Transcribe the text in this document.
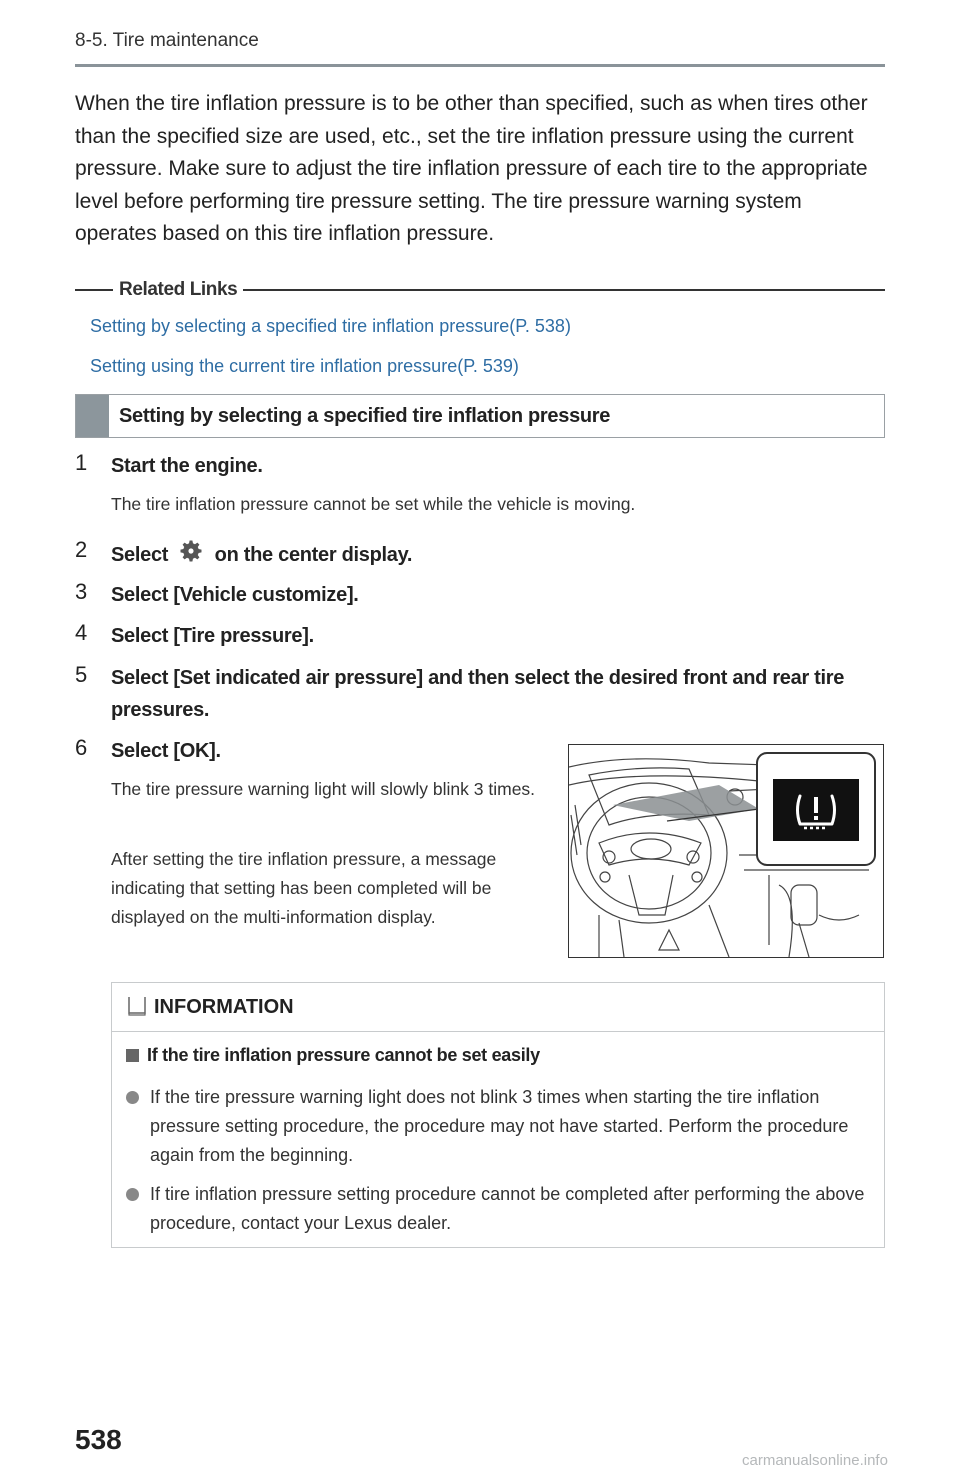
8-5. Tire maintenance
When the tire inflation pressure is to be other than specified, such as when tires other than the specified size are used, etc., set the tire inflation pressure using the current pressure. Make sure to adjust the tire inflation pressure of each tire to the appropriate level before performing tire pressure setting. The tire pressure warning system operates based on this tire inflation pressure.
Related Links
Setting by selecting a specified tire inflation pressure(P. 538)
Setting using the current tire inflation pressure(P. 539)
Setting by selecting a specified tire inflation pressure
1	Start the engine.
The tire inflation pressure cannot be set while the vehicle is moving.
2	Select on the center display.
3	Select [Vehicle customize].
4	Select [Tire pressure].
5	Select [Set indicated air pressure] and then select the desired front and rear tire pressures.
6	Select [OK].
The tire pressure warning light will slowly blink 3 times.
After setting the tire inflation pressure, a message indicating that setting has been completed will be displayed on the multi-information display.
INFORMATION
If the tire inflation pressure cannot be set easily
If the tire pressure warning light does not blink 3 times when starting the tire inflation pressure setting procedure, the procedure may not have started. Perform the procedure again from the beginning.
If tire inflation pressure setting procedure cannot be completed after performing the above procedure, contact your Lexus dealer.
538
carmanualsonline.info
